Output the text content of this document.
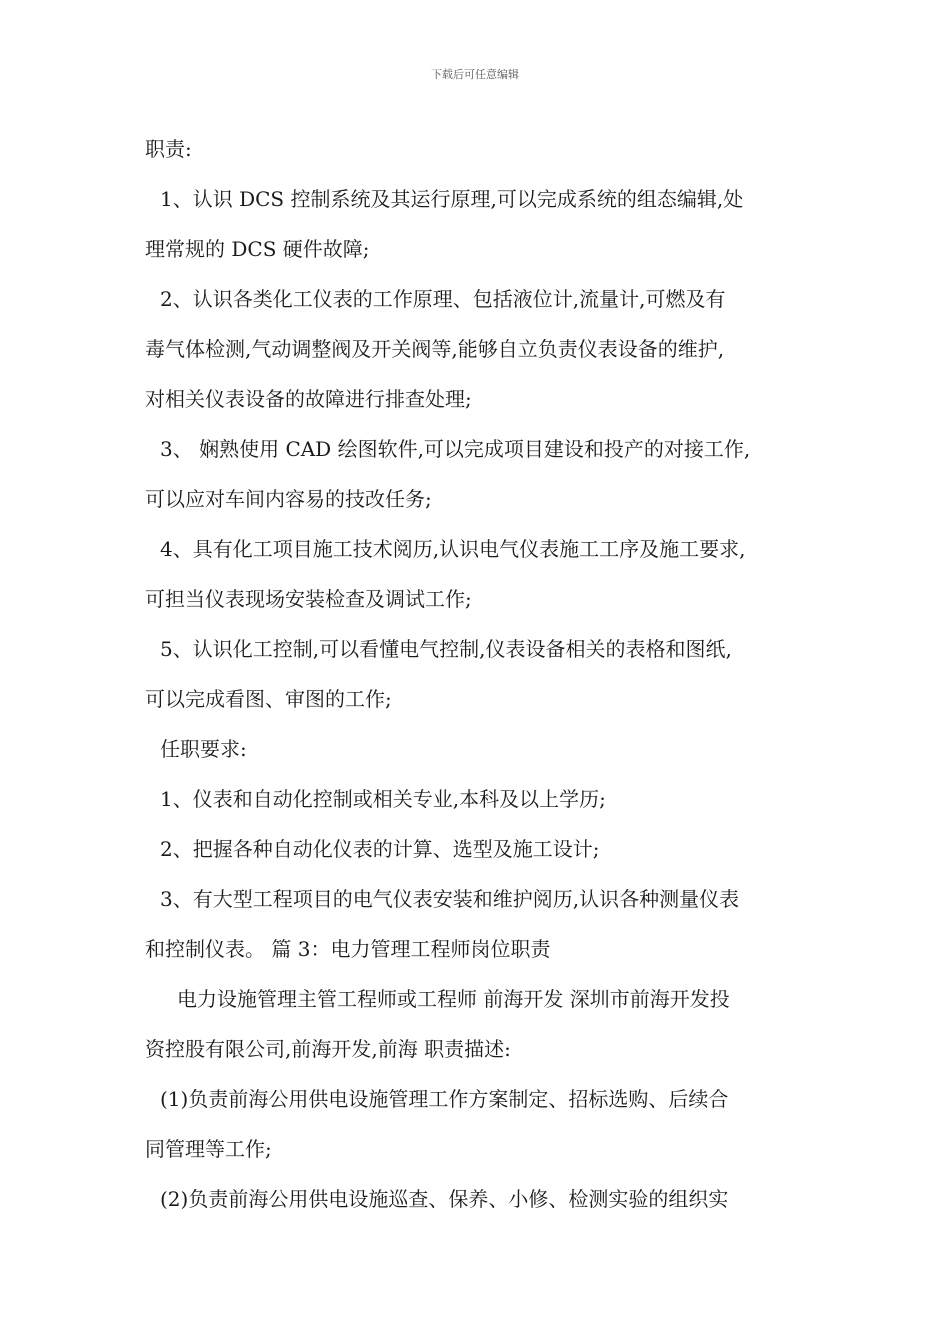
下载后可任意编辑
职责:
1、认识 DCS 控制系统及其运行原理,可以完成系统的组态编辑,处
理常规的 DCS 硬件故障;
2、认识各类化工仪表的工作原理、包括液位计,流量计,可燃及有
毒气体检测,气动调整阀及开关阀等,能够自立负责仪表设备的维护,
对相关仪表设备的故障进行排查处理;
3、 娴熟使用 CAD 绘图软件,可以完成项目建设和投产的对接工作,
可以应对车间内容易的技改任务;
4、具有化工项目施工技术阅历,认识电气仪表施工工序及施工要求,
可担当仪表现场安装检查及调试工作;
5、认识化工控制,可以看懂电气控制,仪表设备相关的表格和图纸,
可以完成看图、审图的工作;
任职要求:
1、仪表和自动化控制或相关专业,本科及以上学历;
2、把握各种自动化仪表的计算、选型及施工设计;
3、有大型工程项目的电气仪表安装和维护阅历,认识各种测量仪表
和控制仪表。 篇 3：电力管理工程师岗位职责
电力设施管理主管工程师或工程师 前海开发 深圳市前海开发投
资控股有限公司,前海开发,前海 职责描述:
(1)负责前海公用供电设施管理工作方案制定、招标选购、后续合
同管理等工作;
(2)负责前海公用供电设施巡查、保养、小修、检测实验的组织实
